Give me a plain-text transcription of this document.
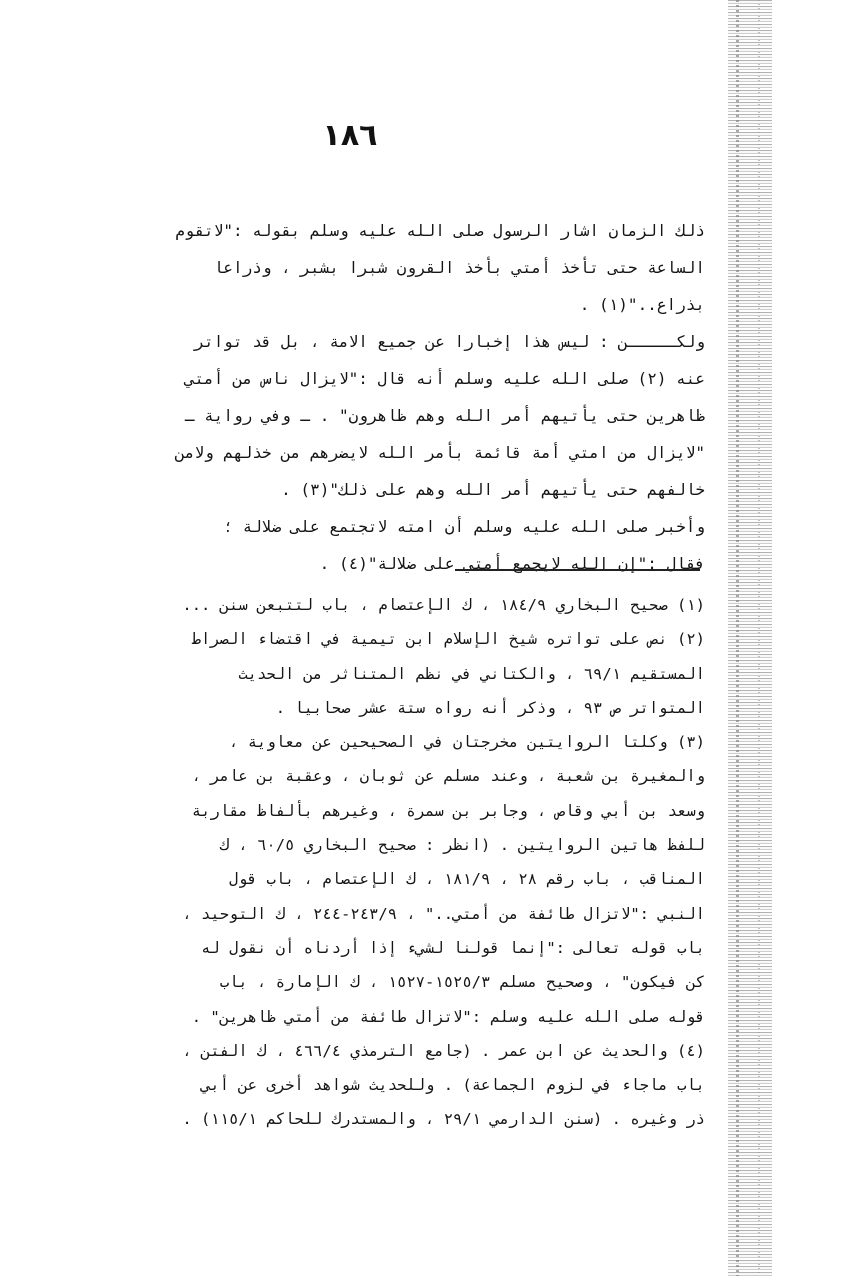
١٨٦
ذلك الزمان اشار الرسول صلى الله عليه وسلم بقوله :"لاتقوم
الساعة حتى تأخذ أمتي بأخذ القرون شبرا بشبر ، وذراعا
بذراع.."(١) .
ولكـــــن : ليس هذا إخبارا عن جميع الامة ، بل قد تواتر
عنه (٢) صلى الله عليه وسلم أنه قال :"لايزال ناس من أمتي
ظاهرين حتى يأتيهم أمر الله وهم ظاهرون" . ـ وفي رواية ـ
"لايزال من امتي أمة قائمة بأمر الله لايضرهم من خذلهم ولامن
خالفهم حتى يأتيهم أمر الله وهم على ذلك"(٣) .
وأخبر صلى الله عليه وسلم أن امته لاتجتمع على ضلالة ؛
فقال :"إن الله لايجمع أمتي على ضلالة"(٤) .
(١) صحيح البخاري ١٨٤/٩ ، ك الإعتصام ، باب لتتبعن سنن ...
(٢) نص على تواتره شيخ الإسلام ابن تيمية في اقتضاء الصراط
المستقيم ٦٩/١ ، والكتاني في نظم المتناثر من الحديث
المتواتر ص ٩٣ ، وذكر أنه رواه ستة عشر صحابيا .
(٣) وكلتا الروايتين مخرجتان في الصحيحين عن معاوية ،
والمغيرة بن شعبة ، وعند مسلم عن ثوبان ، وعقبة بن عامر ،
وسعد بن أبي وقاص ، وجابر بن سمرة ، وغيرهم بألفاظ مقاربة
للفظ هاتين الروايتين . (انظر : صحيح البخاري ٦٠/٥ ، ك
المناقب ، باب رقم ٢٨ ، ١٨١/٩ ، ك الإعتصام ، باب قول
النبي :"لاتزال طائفة من أمتي.." ، ٢٤٣/٩-٢٤٤ ، ك التوحيد ،
باب قوله تعالى :"إنما قولنا لشيء إذا أردناه أن نقول له
كن فيكون" ، وصحيح مسلم ١٥٢٥/٣-١٥٢٧ ، ك الإمارة ، باب
قوله صلى الله عليه وسلم :"لاتزال طائفة من أمتي ظاهرين" .
(٤) والحديث عن ابن عمر . (جامع الترمذي ٤٦٦/٤ ، ك الفتن ،
باب ماجاء في لزوم الجماعة) . وللحديث شواهد أخرى عن أبي
ذر وغيره . (سنن الدارمي ٢٩/١ ، والمستدرك للحاكم ١١٥/١) .
